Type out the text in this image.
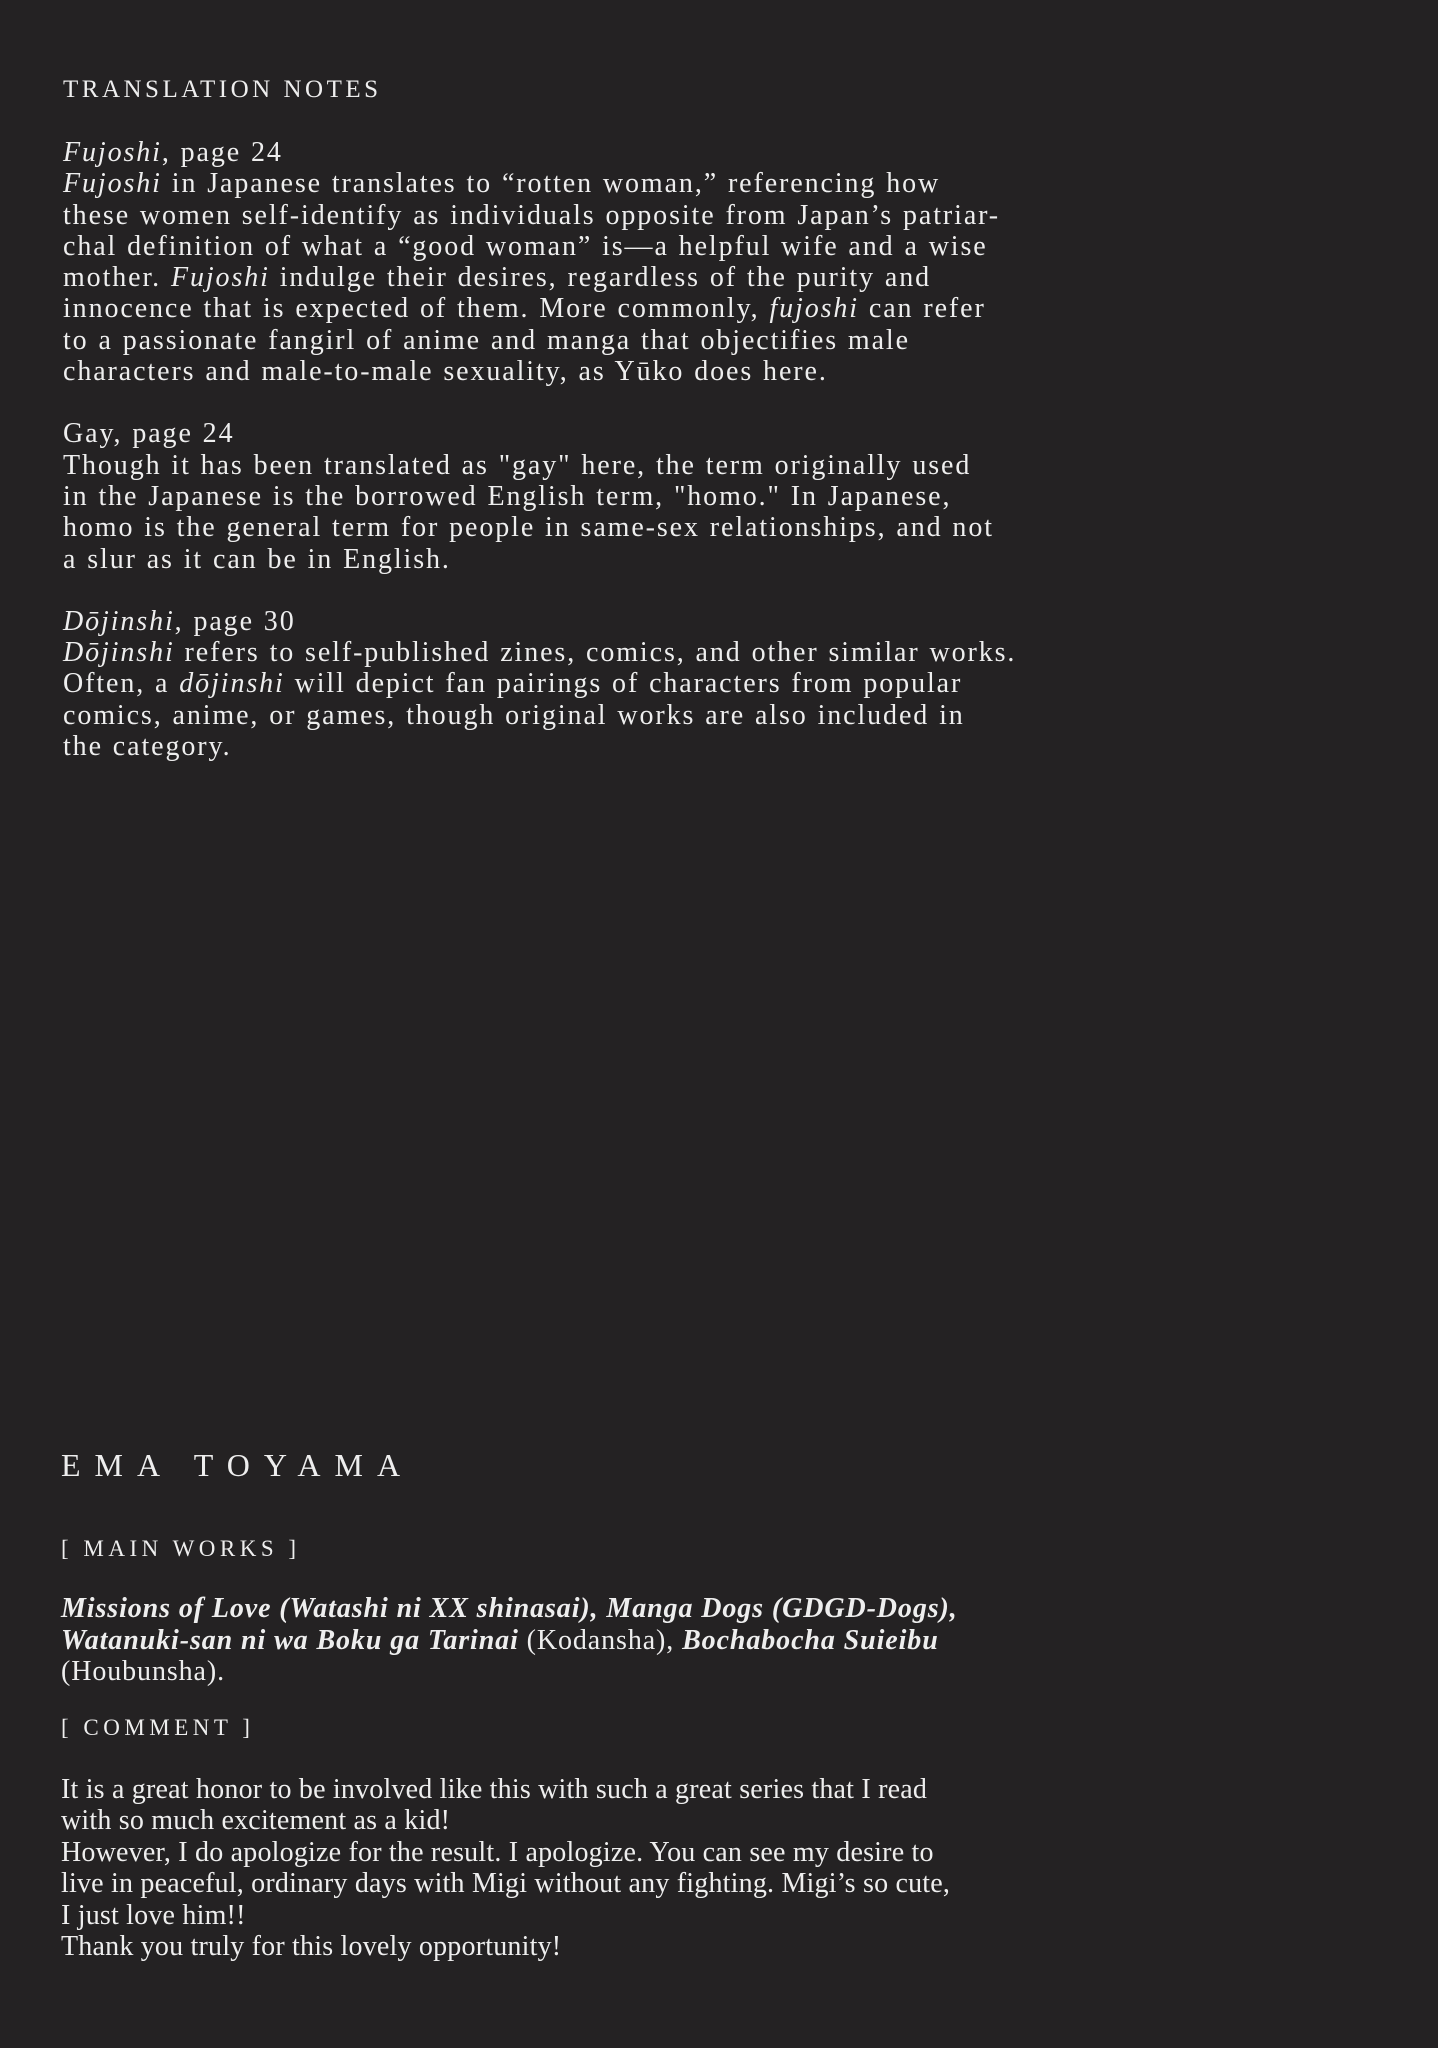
TRANSLATION NOTES
Fujoshi, page 24
Fujoshi in Japanese translates to “rotten woman,” referencing how
these women self-identify as individuals opposite from Japan’s patriar-
chal definition of what a “good woman” is—a helpful wife and a wise
mother. Fujoshi indulge their desires, regardless of the purity and
innocence that is expected of them. More commonly, fujoshi can refer
to a passionate fangirl of anime and manga that objectifies male
characters and male-to-male sexuality, as Yūko does here.
Gay, page 24
Though it has been translated as "gay" here, the term originally used
in the Japanese is the borrowed English term, "homo." In Japanese,
homo is the general term for people in same-sex relationships, and not
a slur as it can be in English.
Dōjinshi, page 30
Dōjinshi refers to self-published zines, comics, and other similar works.
Often, a dōjinshi will depict fan pairings of characters from popular
comics, anime, or games, though original works are also included in
the category.
EMA TOYAMA
[ MAIN WORKS ]
Missions of Love (Watashi ni XX shinasai), Manga Dogs (GDGD-Dogs),
Watanuki-san ni wa Boku ga Tarinai (Kodansha), Bochabocha Suieibu
(Houbunsha).
[ COMMENT ]
It is a great honor to be involved like this with such a great series that I read
with so much excitement as a kid!
However, I do apologize for the result. I apologize. You can see my desire to
live in peaceful, ordinary days with Migi without any fighting. Migi’s so cute,
I just love him!!
Thank you truly for this lovely opportunity!
